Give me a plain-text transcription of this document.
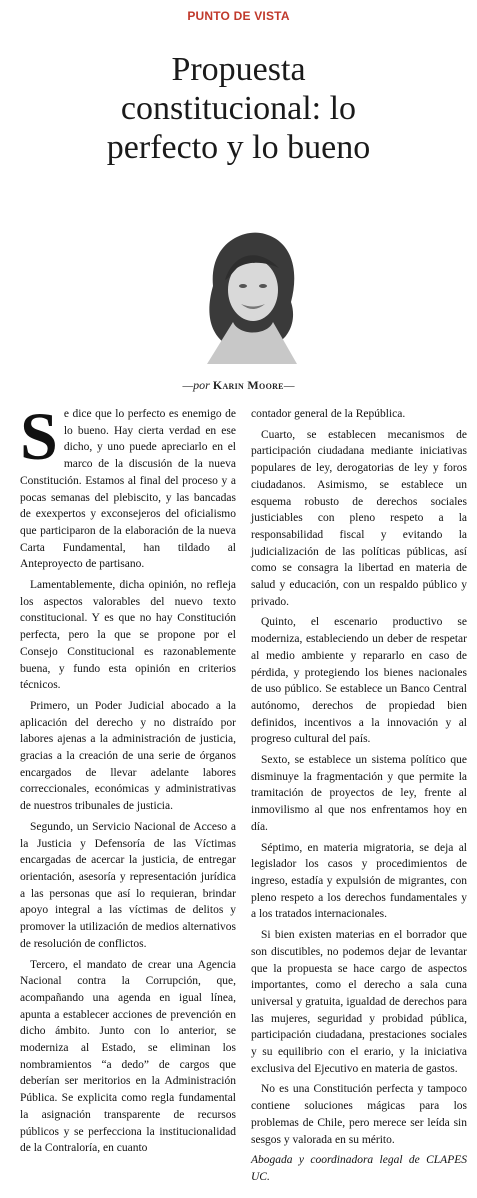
PUNTO DE VISTA
Propuesta
constitucional: lo
perfecto y lo bueno
—por Karin Moore—

Se dice que lo perfecto es enemigo de lo bueno. Hay cierta verdad en ese dicho, y uno puede apreciarlo en el marco de la discusión de la nueva Constitución. Estamos al final del proceso y a pocas semanas del plebiscito, y las bancadas de exexpertos y exconsejeros del oficialismo que participaron de la elaboración de la nueva Carta Fundamental, han tildado al Anteproyecto de partisano.

Lamentablemente, dicha opinión, no refleja los aspectos valorables del nuevo texto constitucional. Y es que no hay Constitución perfecta, pero la que se propone por el Consejo Constitucional es razonablemente buena, y fundo esta opinión en criterios técnicos.

Primero, un Poder Judicial abocado a la aplicación del derecho y no distraído por labores ajenas a la administración de justicia, gracias a la creación de una serie de órganos encargados de llevar adelante labores correccionales, económicas y administrativas de nuestros tribunales de justicia.

Segundo, un Servicio Nacional de Acceso a la Justicia y Defensoría de las Víctimas encargadas de acercar la justicia, de entregar orientación, asesoría y representación jurídica a las personas que así lo requieran, brindar apoyo integral a las víctimas de delitos y promover la utilización de medios alternativos de resolución de conflictos.

Tercero, el mandato de crear una Agencia Nacional contra la Corrupción, que, acompañando una agenda en igual línea, apunta a establecer acciones de prevención en dicho ámbito. Junto con lo anterior, se moderniza al Estado, se eliminan los nombramientos “a dedo” de cargos que deberían ser meritorios en la Administración Pública. Se explicita como regla fundamental la asignación transparente de recursos públicos y se perfecciona la institucionalidad de la Contraloría, en cuanto

contador general de la República.

Cuarto, se establecen mecanismos de participación ciudadana mediante iniciativas populares de ley, derogatorias de ley y foros ciudadanos. Asimismo, se establece un esquema robusto de derechos sociales justiciables con pleno respeto a la responsabilidad fiscal y evitando la judicialización de las políticas públicas, así como se consagra la libertad en materia de salud y educación, con un respaldo público y privado.

Quinto, el escenario productivo se moderniza, estableciendo un deber de respetar al medio ambiente y repararlo en caso de pérdida, y protegiendo los bienes nacionales de uso público. Se establece un Banco Central autónomo, derechos de propiedad bien definidos, incentivos a la innovación y al progreso cultural del país.

Sexto, se establece un sistema político que disminuye la fragmentación y que permite la tramitación de proyectos de ley, frente al inmovilismo al que nos enfrentamos hoy en día.

Séptimo, en materia migratoria, se deja al legislador los casos y procedimientos de ingreso, estadía y expulsión de migrantes, con pleno respeto a los derechos fundamentales y a los tratados internacionales.

Si bien existen materias en el borrador que son discutibles, no podemos dejar de levantar que la propuesta se hace cargo de aspectos importantes, como el derecho a sala cuna universal y gratuita, igualdad de derechos para las mujeres, seguridad y probidad pública, participación ciudadana, prestaciones sociales y su equilibrio con el erario, y la iniciativa exclusiva del Ejecutivo en materia de gastos.

No es una Constitución perfecta y tampoco contiene soluciones mágicas para los problemas de Chile, pero merece ser leída sin sesgos y valorada en su mérito.

Abogada y coordinadora legal de CLAPES UC.
